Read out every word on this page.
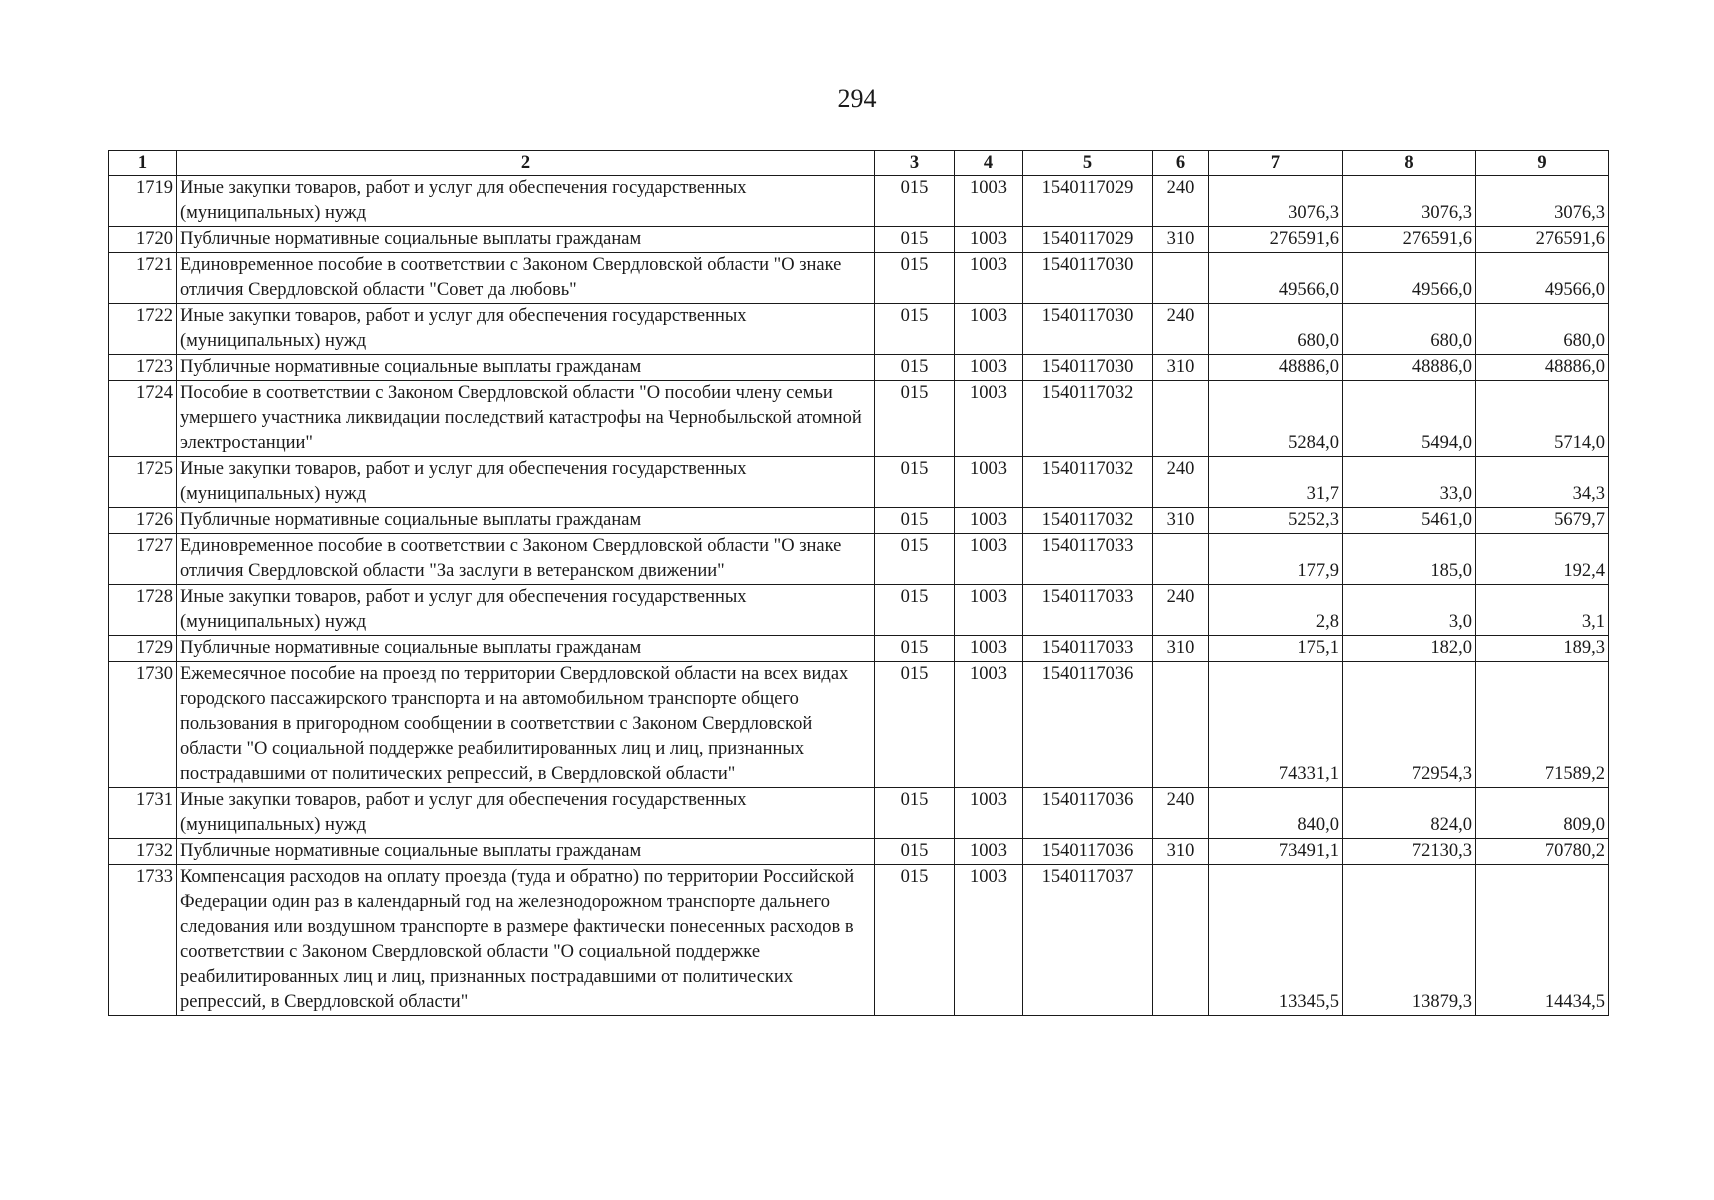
294
1	2	3	4	5	6	7	8	9
1719	Иные закупки товаров, работ и услуг для обеспечения государственных (муниципальных) нужд	015	1003	1540117029	240	3076,3	3076,3	3076,3
1720	Публичные нормативные социальные выплаты гражданам	015	1003	1540117029	310	276591,6	276591,6	276591,6
1721	Единовременное пособие в соответствии с Законом Свердловской области "О знаке отличия Свердловской области "Совет да любовь"	015	1003	1540117030		49566,0	49566,0	49566,0
1722	Иные закупки товаров, работ и услуг для обеспечения государственных (муниципальных) нужд	015	1003	1540117030	240	680,0	680,0	680,0
1723	Публичные нормативные социальные выплаты гражданам	015	1003	1540117030	310	48886,0	48886,0	48886,0
1724	Пособие в соответствии с Законом Свердловской области "О пособии члену семьи умершего участника ликвидации последствий катастрофы на Чернобыльской атомной электростанции"	015	1003	1540117032		5284,0	5494,0	5714,0
1725	Иные закупки товаров, работ и услуг для обеспечения государственных (муниципальных) нужд	015	1003	1540117032	240	31,7	33,0	34,3
1726	Публичные нормативные социальные выплаты гражданам	015	1003	1540117032	310	5252,3	5461,0	5679,7
1727	Единовременное пособие в соответствии с Законом Свердловской области "О знаке отличия Свердловской области "За заслуги в ветеранском движении"	015	1003	1540117033		177,9	185,0	192,4
1728	Иные закупки товаров, работ и услуг для обеспечения государственных (муниципальных) нужд	015	1003	1540117033	240	2,8	3,0	3,1
1729	Публичные нормативные социальные выплаты гражданам	015	1003	1540117033	310	175,1	182,0	189,3
1730	Ежемесячное пособие на проезд по территории Свердловской области на всех видах городского пассажирского транспорта и на автомобильном транспорте общего пользования в пригородном сообщении в соответствии с Законом Свердловской области "О социальной поддержке реабилитированных лиц и лиц, признанных пострадавшими от политических репрессий, в Свердловской области"	015	1003	1540117036		74331,1	72954,3	71589,2
1731	Иные закупки товаров, работ и услуг для обеспечения государственных (муниципальных) нужд	015	1003	1540117036	240	840,0	824,0	809,0
1732	Публичные нормативные социальные выплаты гражданам	015	1003	1540117036	310	73491,1	72130,3	70780,2
1733	Компенсация расходов на оплату проезда (туда и обратно) по территории Российской Федерации один раз в календарный год на железнодорожном транспорте дальнего следования или воздушном транспорте в размере фактически понесенных расходов в соответствии с Законом Свердловской области "О социальной поддержке реабилитированных лиц и лиц, признанных пострадавшими от политических репрессий, в Свердловской области"	015	1003	1540117037		13345,5	13879,3	14434,5
